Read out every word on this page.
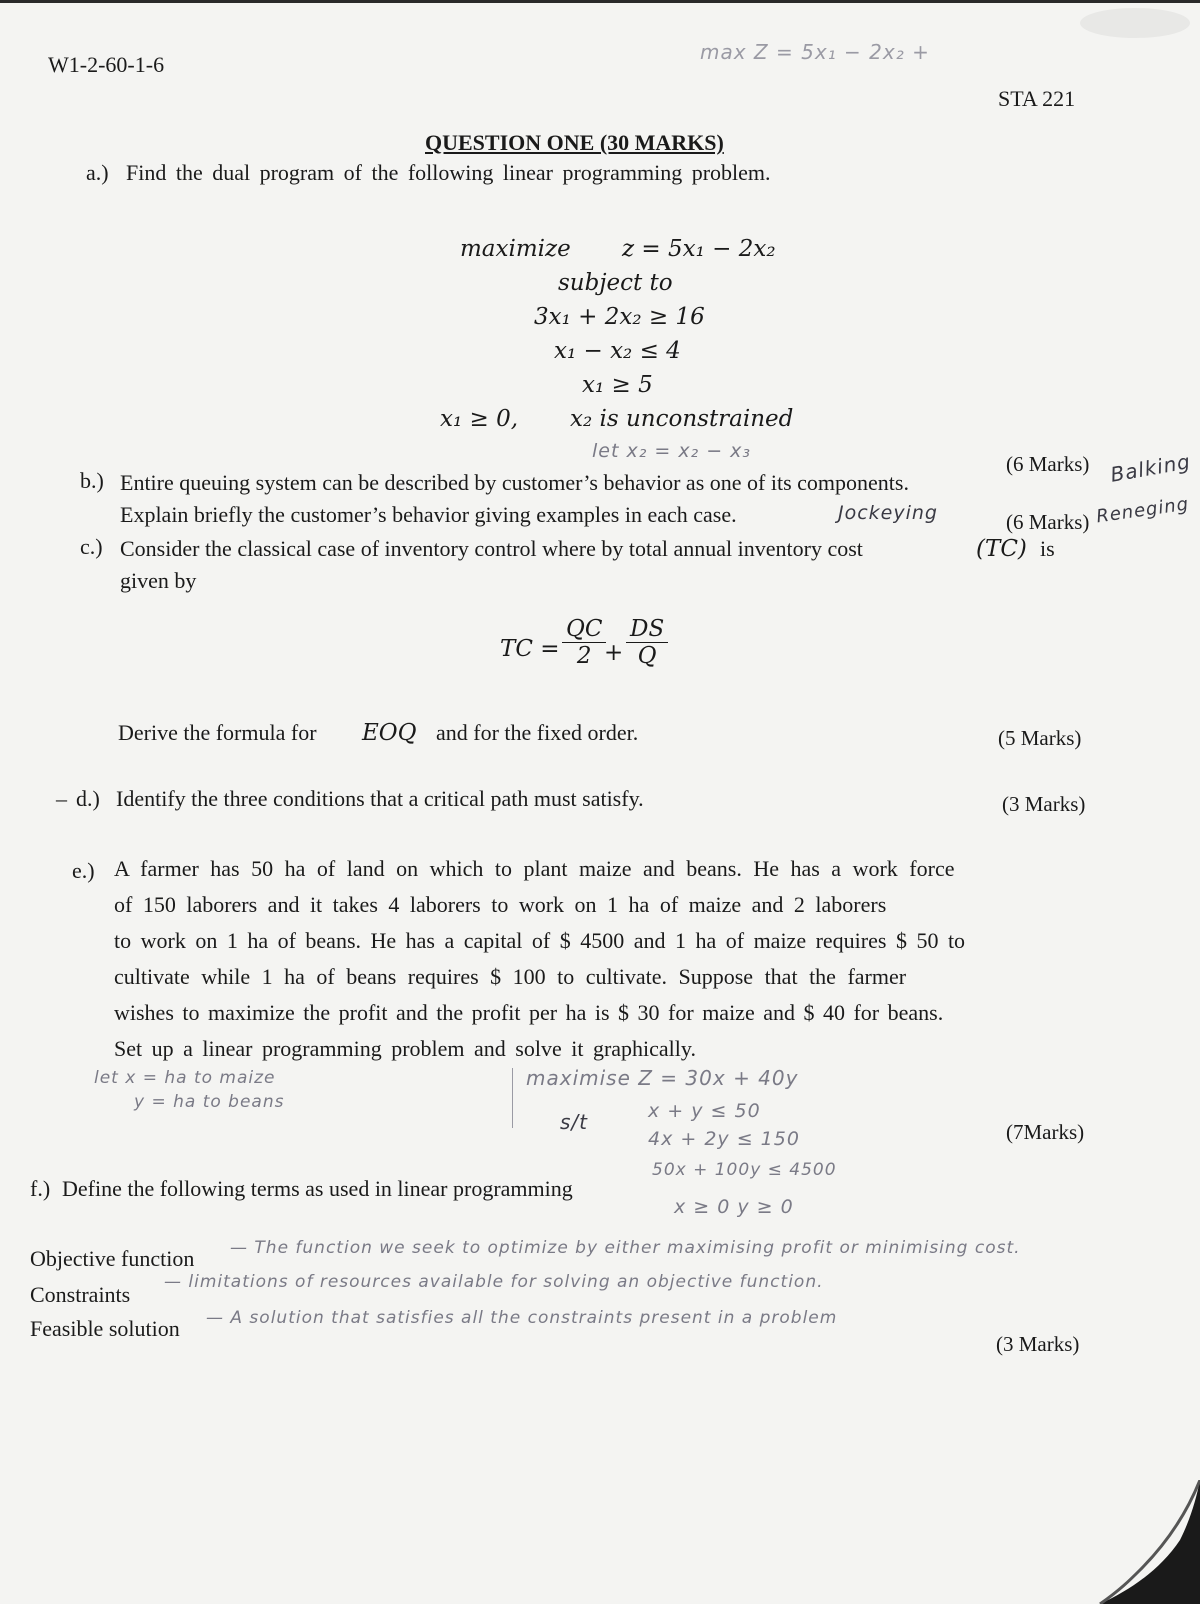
W1-2-60-1-6	max Z = 5x₁ − 2x₂ +
STA 221
QUESTION ONE (30 MARKS)
a.) Find the dual program of the following linear programming problem.
maximize z = 5x₁ − 2x₂
subject to
3x₁ + 2x₂ ≥ 16
x₁ − x₂ ≤ 4
x₁ ≥ 5
x₁ ≥ 0, x₂ is unconstrained
let x₂ = x₂ − x₃
(6 Marks)
b.) Entire queuing system can be described by customer’s behavior as one of its components.
Explain briefly the customer’s behavior giving examples in each case.	Jockeying
Balking
Reneging
(6 Marks)
c.) Consider the classical case of inventory control where by total annual inventory cost	(TC) is
given by
TC = $\frac{QC}{2}$
+ $\frac{DS}{Q}$
Derive the formula for EOQ and for the fixed order.	(5 Marks)
– d.) Identify the three conditions that a critical path must satisfy.	(3 Marks)
e.) A farmer has 50 ha of land on which to plant maize and beans. He has a work force
of 150 laborers and it takes 4 laborers to work on 1 ha of maize and 2 laborers
to work on 1 ha of beans. He has a capital of $ 4500 and 1 ha of maize requires $ 50 to
cultivate while 1 ha of beans requires $ 100 to cultivate. Suppose that the farmer
wishes to maximize the profit and the profit per ha is $ 30 for maize and $ 40 for beans.
Set up a linear programming problem and solve it graphically.
let x = ha to maize
y = ha to beans
maximise Z = 30x + 40y
s/t	x + y ≤ 50
4x + 2y ≤ 150
50x + 100y ≤ 4500
x ≥ 0 y ≥ 0
(7Marks)
f.) Define the following terms as used in linear programming
Objective function — The function we seek to optimize by either maximising profit or minimising cost.
Constraints — limitations of resources available for solving an objective function.
Feasible solution — A solution that satisfies all the constraints present in a problem
(3 Marks)
